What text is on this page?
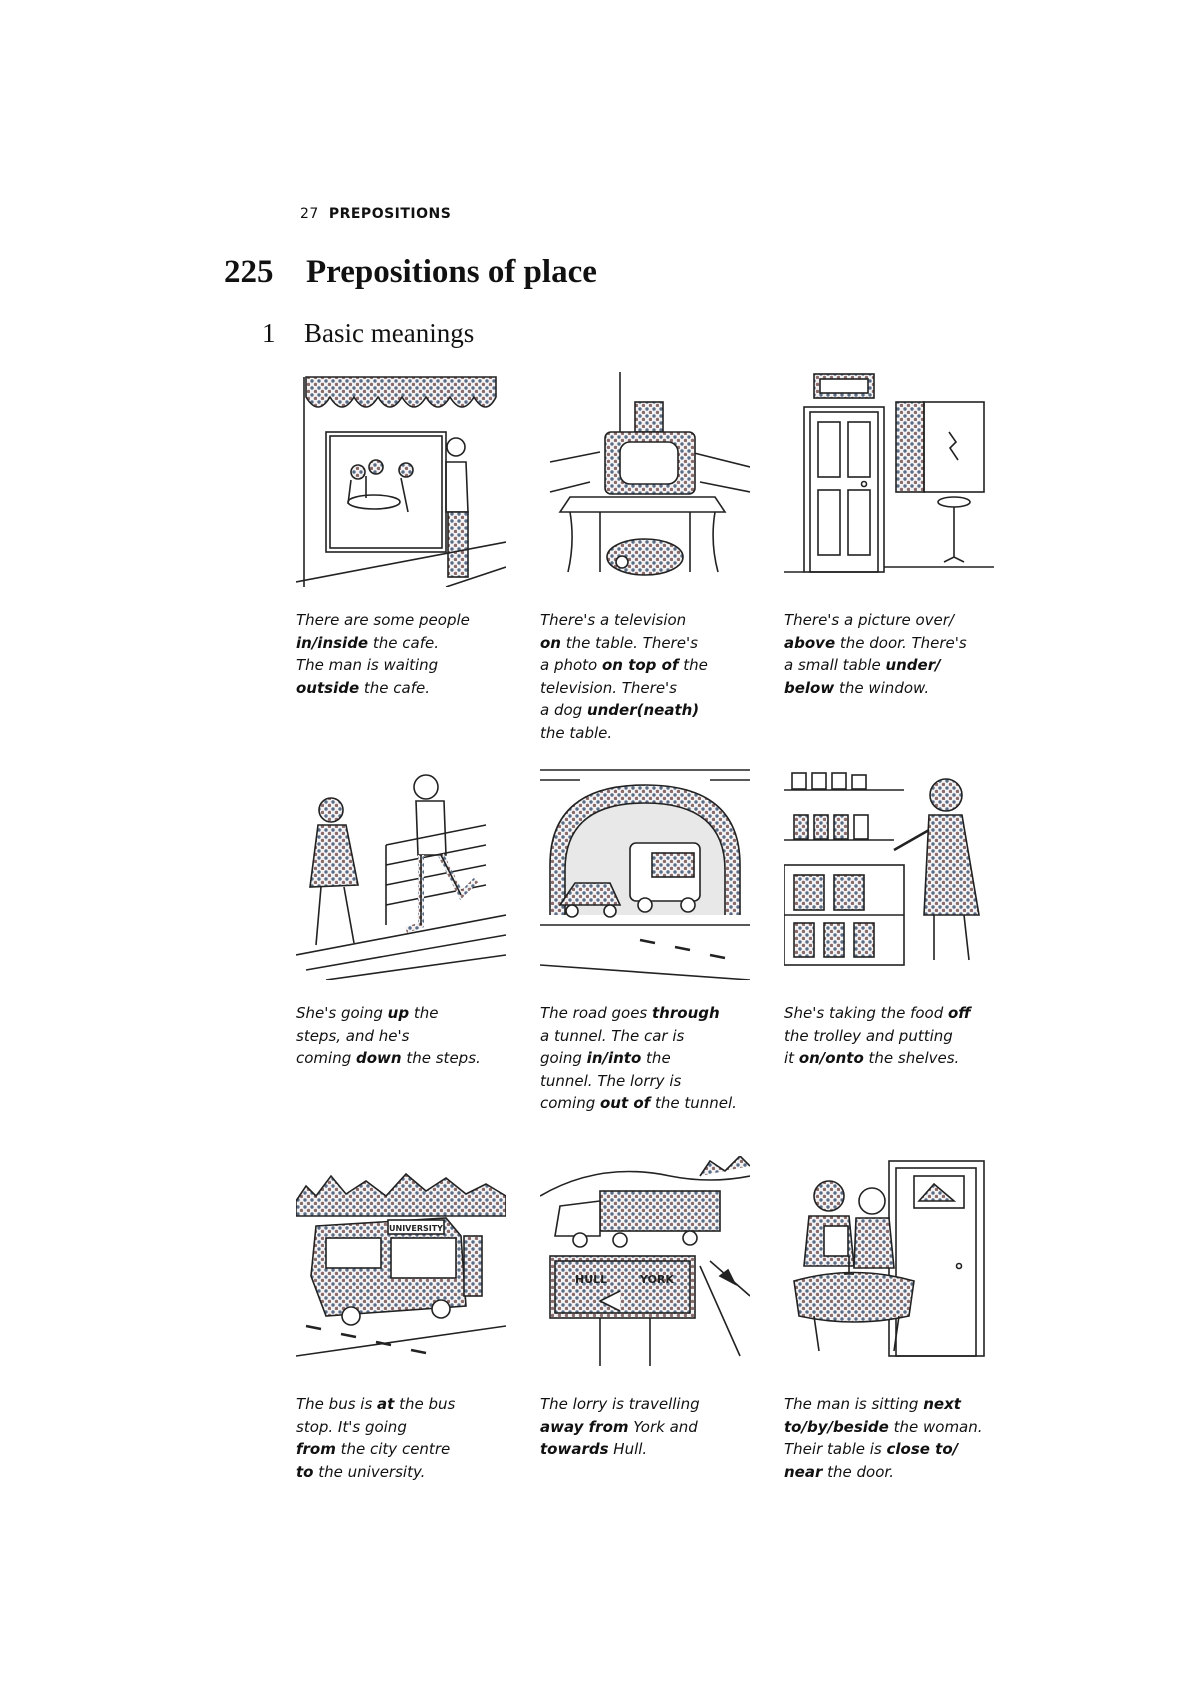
27 PREPOSITIONS
225 Prepositions of place
1 Basic meanings
There are some people
in/inside the cafe.
The man is waiting
outside the cafe.
There's a television
on the table. There's
a photo on top of the
television. There's
a dog under(neath)
the table.
There's a picture over/
above the door. There's
a small table under/
below the window.
She's going up the
steps, and he's
coming down the steps.
The road goes through
a tunnel. The car is
going in/into the
tunnel. The lorry is
coming out of the tunnel.
She's taking the food off
the trolley and putting
it on/onto the shelves.
UNIVERSITY
The bus is at the bus
stop. It's going
from the city centre
to the university.
HULL	YORK
The lorry is travelling
away from York and
towards Hull.
The man is sitting next
to/by/beside the woman.
Their table is close to/
near the door.
